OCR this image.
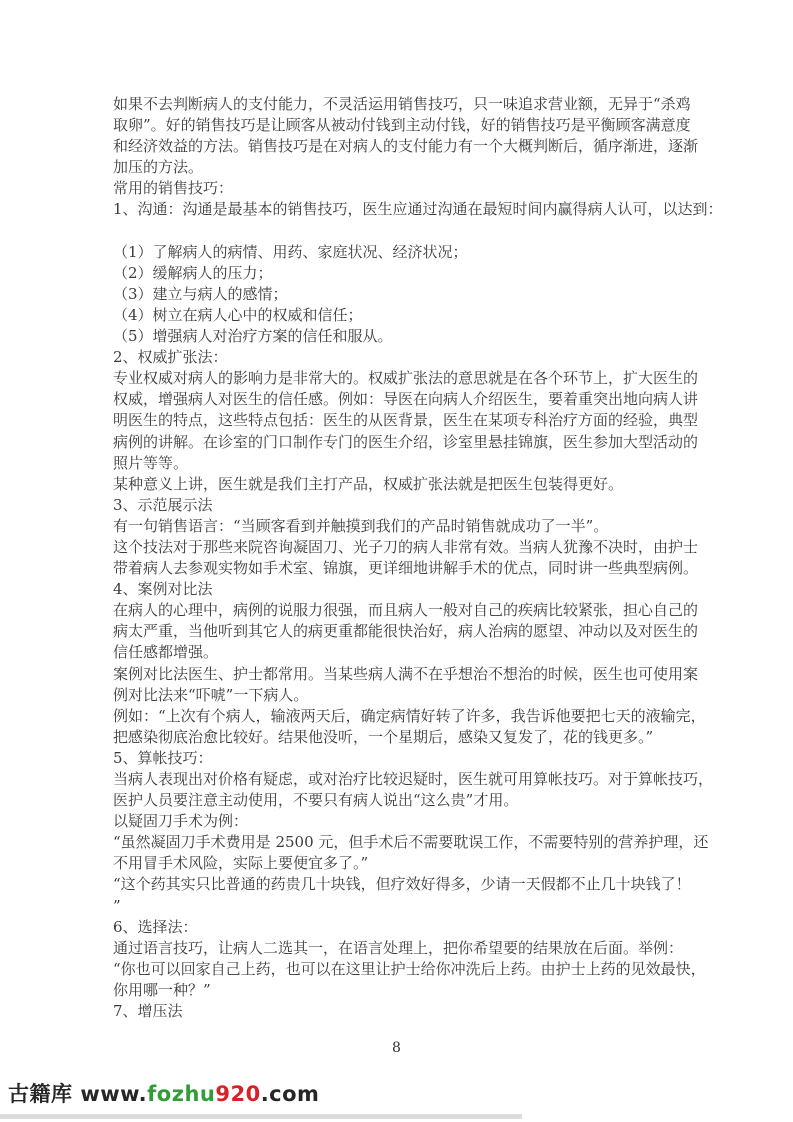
如果不去判断病人的支付能力，不灵活运用销售技巧，只一味追求营业额，无异于“杀鸡
取卵”。好的销售技巧是让顾客从被动付钱到主动付钱，好的销售技巧是平衡顾客满意度
和经济效益的方法。销售技巧是在对病人的支付能力有一个大概判断后，循序渐进，逐渐
加压的方法。
常用的销售技巧：
1、沟通：沟通是最基本的销售技巧，医生应通过沟通在最短时间内赢得病人认可，以达到：
（1）了解病人的病情、用药、家庭状况、经济状况；
（2）缓解病人的压力；
（3）建立与病人的感情；
（4）树立在病人心中的权威和信任；
（5）增强病人对治疗方案的信任和服从。
2、权威扩张法：
专业权威对病人的影响力是非常大的。权威扩张法的意思就是在各个环节上，扩大医生的
权威，增强病人对医生的信任感。例如：导医在向病人介绍医生，要着重突出地向病人讲
明医生的特点，这些特点包括：医生的从医背景，医生在某项专科治疗方面的经验，典型
病例的讲解。在诊室的门口制作专门的医生介绍，诊室里悬挂锦旗，医生参加大型活动的
照片等等。
某种意义上讲，医生就是我们主打产品，权威扩张法就是把医生包装得更好。
3、示范展示法
有一句销售语言：“当顾客看到并触摸到我们的产品时销售就成功了一半”。
这个技法对于那些来院咨询凝固刀、光子刀的病人非常有效。当病人犹豫不决时，由护士
带着病人去参观实物如手术室、锦旗，更详细地讲解手术的优点，同时讲一些典型病例。
4、案例对比法
在病人的心理中，病例的说服力很强，而且病人一般对自己的疾病比较紧张，担心自己的
病太严重，当他听到其它人的病更重都能很快治好，病人治病的愿望、冲动以及对医生的
信任感都增强。
案例对比法医生、护士都常用。当某些病人满不在乎想治不想治的时候，医生也可使用案
例对比法来“吓唬”一下病人。
例如：“上次有个病人，输液两天后，确定病情好转了许多，我告诉他要把七天的液输完，
把感染彻底治愈比较好。结果他没听，一个星期后，感染又复发了，花的钱更多。”
5、算帐技巧：
当病人表现出对价格有疑虑，或对治疗比较迟疑时，医生就可用算帐技巧。对于算帐技巧，
医护人员要注意主动使用，不要只有病人说出“这么贵”才用。
以疑固刀手术为例：
“虽然凝固刀手术费用是 2500 元，但手术后不需要耽误工作，不需要特别的营养护理，还
不用冒手术风险，实际上要便宜多了。”
“这个药其实只比普通的药贵几十块钱，但疗效好得多，少请一天假都不止几十块钱了！
”
6、选择法：
通过语言技巧，让病人二选其一，在语言处理上，把你希望要的结果放在后面。举例：
“你也可以回家自己上药，也可以在这里让护士给你冲洗后上药。由护士上药的见效最快，
你用哪一种？”
7、增压法
8
古籍库 www.fozhu920.com
